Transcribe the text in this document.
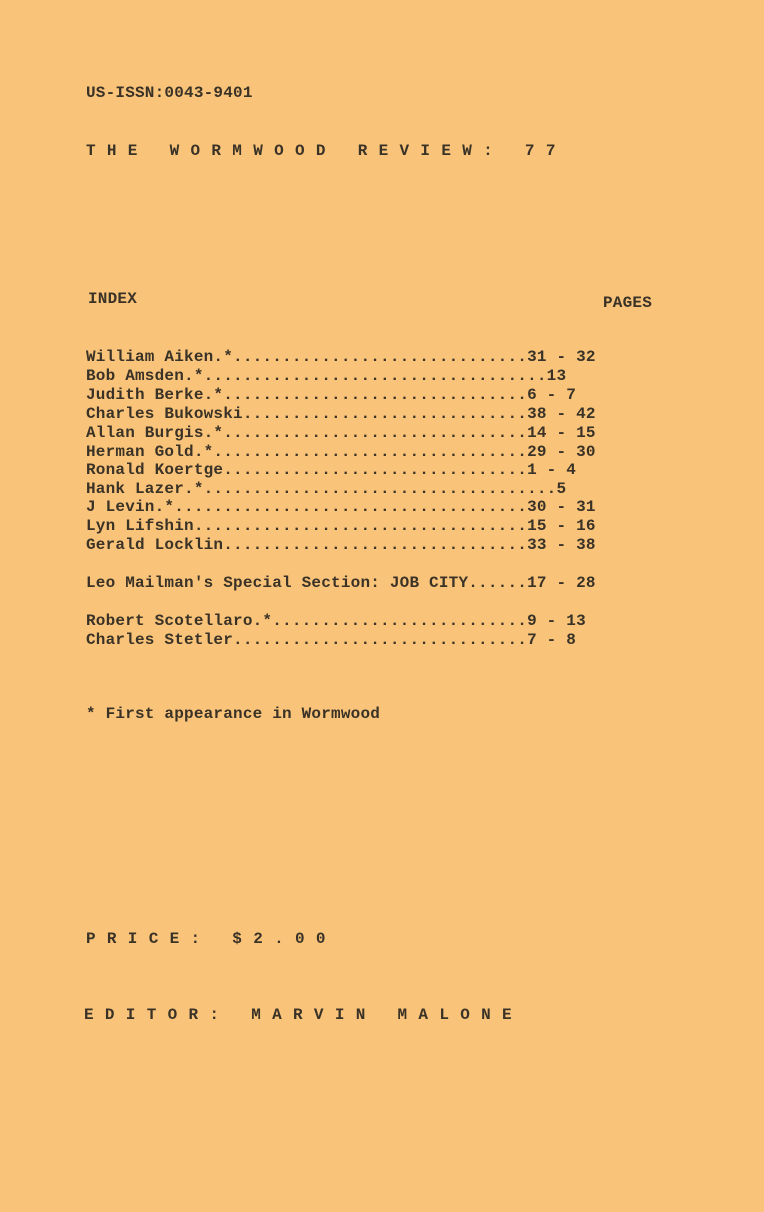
US-ISSN:0043-9401
THE WORMWOOD REVIEW: 77
INDEX	PAGES
William Aiken.*..............................31 - 32
Bob Amsden.*...................................13
Judith Berke.*...............................6 - 7
Charles Bukowski.............................38 - 42
Allan Burgis.*...............................14 - 15
Herman Gold.*................................29 - 30
Ronald Koertge...............................1 - 4
Hank Lazer.*....................................5
J Levin.*....................................30 - 31
Lyn Lifshin..................................15 - 16
Gerald Locklin...............................33 - 38
Leo Mailman's Special Section: JOB CITY......17 - 28
Robert Scotellaro.*..........................9 - 13
Charles Stetler..............................7 - 8
* First appearance in Wormwood
PRICE: $2.00
EDITOR: MARVIN MALONE
